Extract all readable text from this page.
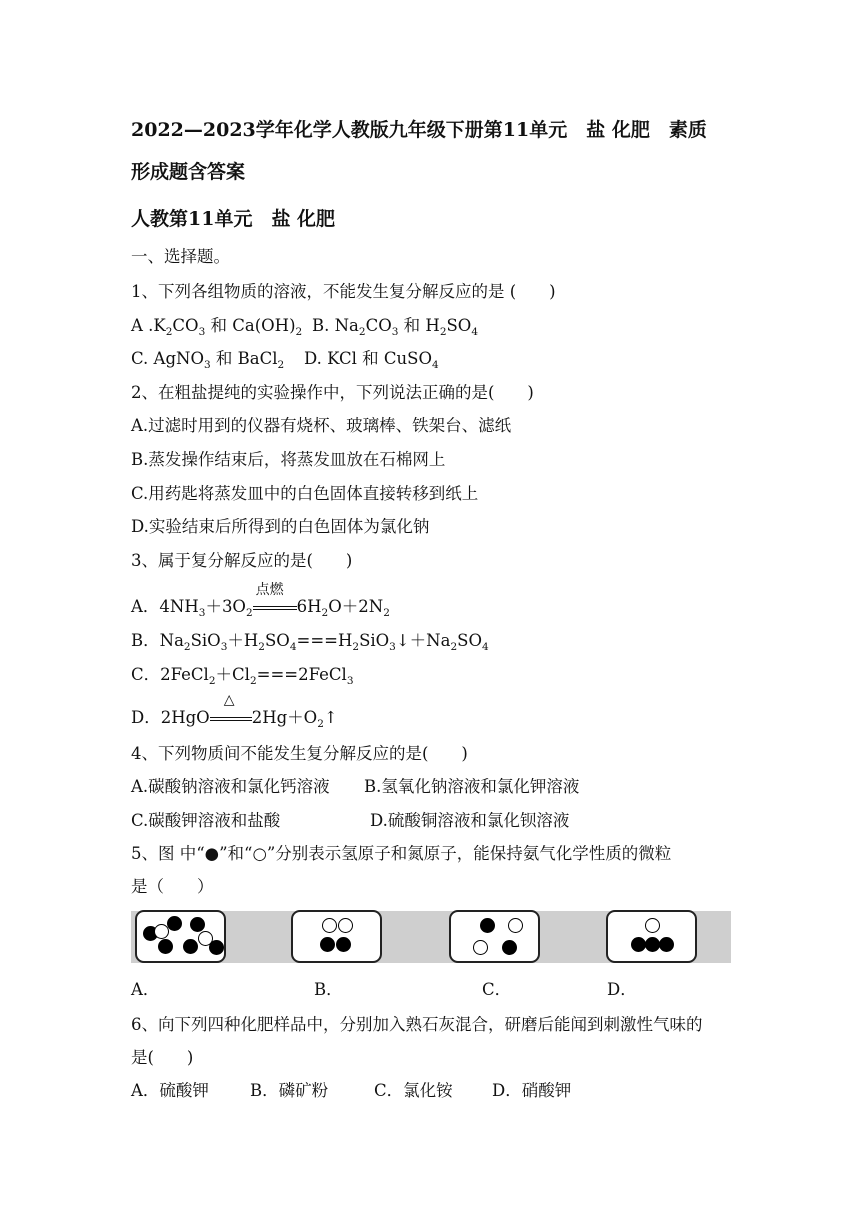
2022—2023学年化学人教版九年级下册第11单元　盐 化肥　素质
形成题含答案
人教第11单元　盐 化肥
一、选择题。
1、下列各组物质的溶液，不能发生复分解反应的是 (　　)
A $.K_2CO_3$ 和 $Ca(OH)_2$ B. $Na_2CO_3$ 和 $H_2SO_4$
C. AgNO$_3$ 和 BaCl$_2$ D. KCl 和 CuSO$_4$
2、在粗盐提纯的实验操作中，下列说法正确的是(　　)
A.过滤时用到的仪器有烧杯、玻璃棒、铁架台、滤纸
B.蒸发操作结束后，将蒸发皿放在石棉网上
C.用药匙将蒸发皿中的白色固体直接转移到纸上
D.实验结束后所得到的白色固体为氯化钠
3、属于复分解反应的是(　　)
A．$4NH_3+3O_2$
点燃
$6H_2O+2N_2$
B．$Na_2SiO_3+H_2SO_4===H_2SiO_3↓+Na_2SO_4$
C．$2FeCl_2+Cl_2===2FeCl_3$
D．2HgO
△
$2Hg+O_2↑$
4、下列物质间不能发生复分解反应的是(　　)
A.碳酸钠溶液和氯化钙溶液 B.氢氧化钠溶液和氯化钾溶液
C.碳酸钾溶液和盐酸	D.硫酸铜溶液和氯化钡溶液
5、图 中“●”和“○”分别表示氢原子和氮原子，能保持氨气化学性质的微粒
是（　　）
A．	B．	C．	D．
6、向下列四种化肥样品中，分别加入熟石灰混合，研磨后能闻到刺激性气味的
是(　　)
A．硫酸钾 B．磷矿粉	C．氯化铵 D．硝酸钾
